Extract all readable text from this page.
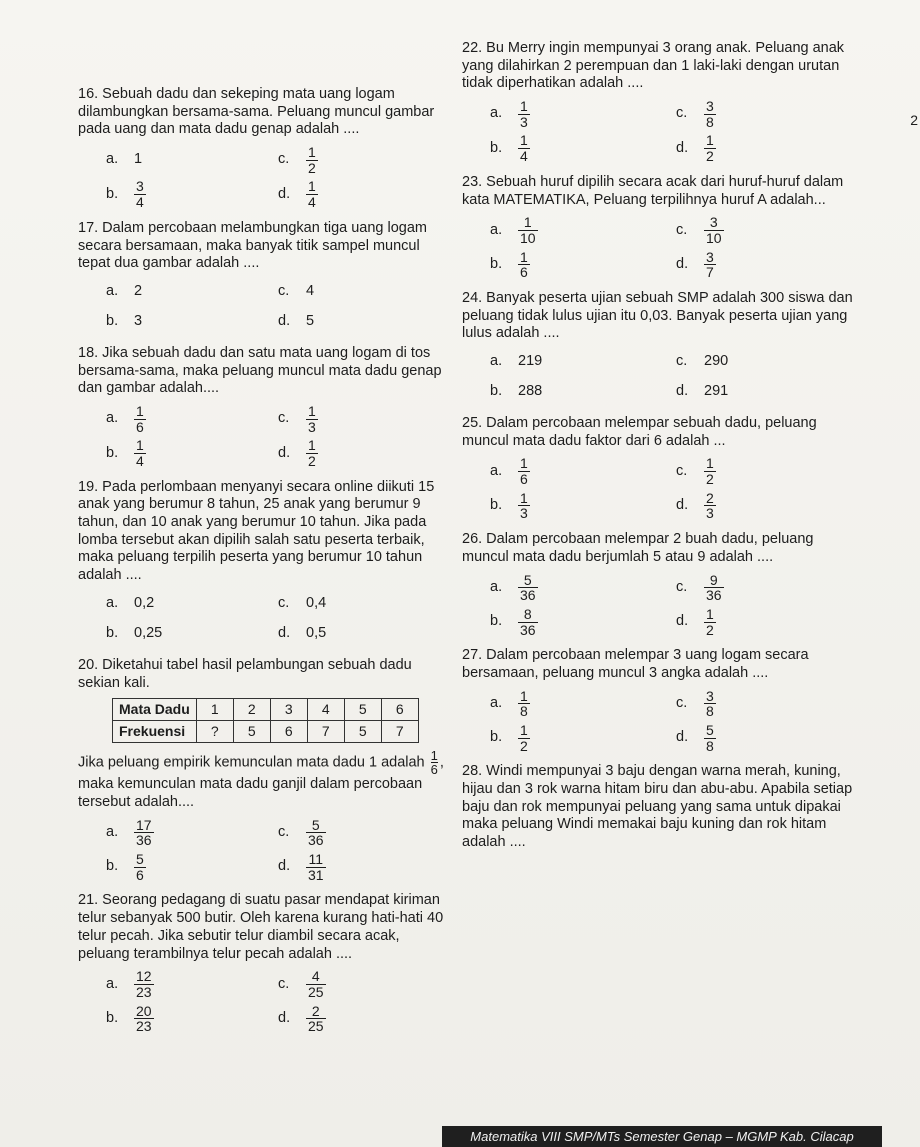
2

16. Sebuah dadu dan sekeping mata uang logam dilambungkan bersama-sama. Peluang muncul gambar pada uang dan mata dadu genap adalah ....

a.	1	c.	$\frac{1}{2}$
b.	$\frac{3}{4}$	d.	$\frac{1}{4}$

17. Dalam percobaan melambungkan tiga uang logam secara bersamaan, maka banyak titik sampel muncul tepat dua gambar adalah ....

a.	2	c.	4
b.	3	d.	5

18. Jika sebuah dadu dan satu mata uang logam di tos bersama-sama, maka peluang muncul mata dadu genap dan gambar adalah....

a.	$\frac{1}{6}$	c.	$\frac{1}{3}$
b.	$\frac{1}{4}$	d.	$\frac{1}{2}$

19. Pada perlombaan menyanyi secara online diikuti 15 anak yang berumur 8 tahun, 25 anak yang berumur 9 tahun, dan 10 anak yang berumur 10 tahun. Jika pada lomba tersebut akan dipilih salah satu peserta terbaik, maka peluang terpilih peserta yang berumur 10 tahun adalah ....

a.	0,2	c.	0,4
b.	0,25	d.	0,5

20. Diketahui tabel hasil pelambungan sebuah dadu sekian kali.

Mata Dadu	1	2	3	4	5	6
Frekuensi	?	5	6	7	5	7

Jika peluang empirik kemunculan mata dadu 1 adalah $\frac{1}{6}$ , maka kemunculan mata dadu ganjil dalam percobaan tersebut adalah....

a.	$\frac{17}{36}$	c.	$\frac{5}{36}$
b.	$\frac{5}{6}$	d.	$\frac{11}{31}$

21. Seorang pedagang di suatu pasar mendapat kiriman telur sebanyak 500 butir. Oleh karena kurang hati-hati 40 telur pecah. Jika sebutir telur diambil secara acak, peluang terambilnya telur pecah adalah ....

a.	$\frac{12}{23}$	c.	$\frac{4}{25}$
b.	$\frac{20}{23}$	d.	$\frac{2}{25}$

22. Bu Merry ingin mempunyai 3 orang anak. Peluang anak yang dilahirkan 2 perempuan dan 1 laki-laki dengan urutan tidak diperhatikan adalah ....

a.	$\frac{1}{3}$	c.	$\frac{3}{8}$
b.	$\frac{1}{4}$	d.	$\frac{1}{2}$

23. Sebuah huruf dipilih secara acak dari huruf-huruf dalam kata MATEMATIKA, Peluang terpilihnya huruf A adalah...

a.	$\frac{1}{10}$	c.	$\frac{3}{10}$
b.	$\frac{1}{6}$	d.	$\frac{3}{7}$

24. Banyak peserta ujian sebuah SMP adalah 300 siswa dan peluang tidak lulus ujian itu 0,03. Banyak peserta ujian yang lulus adalah ....

a.	219	c.	290
b.	288	d.	291

25. Dalam percobaan melempar sebuah dadu, peluang muncul mata dadu faktor dari 6 adalah ...

a.	$\frac{1}{6}$	c.	$\frac{1}{2}$
b.	$\frac{1}{3}$	d.	$\frac{2}{3}$

26. Dalam percobaan melempar 2 buah dadu, peluang muncul mata dadu berjumlah 5 atau 9 adalah ....

a.	$\frac{5}{36}$	c.	$\frac{9}{36}$
b.	$\frac{8}{36}$	d.	$\frac{1}{2}$

27. Dalam percobaan melempar 3 uang logam secara bersamaan, peluang muncul 3 angka adalah ....

a.	$\frac{1}{8}$	c.	$\frac{3}{8}$
b.	$\frac{1}{2}$	d.	$\frac{5}{8}$

28. Windi mempunyai 3 baju dengan warna merah, kuning, hijau dan 3 rok warna hitam biru dan abu-abu. Apabila setiap baju dan rok mempunyai peluang yang sama untuk dipakai maka peluang Windi memakai baju kuning dan rok hitam adalah ....

Matematika VIII SMP/MTs Semester Genap – MGMP Kab. Cilacap
